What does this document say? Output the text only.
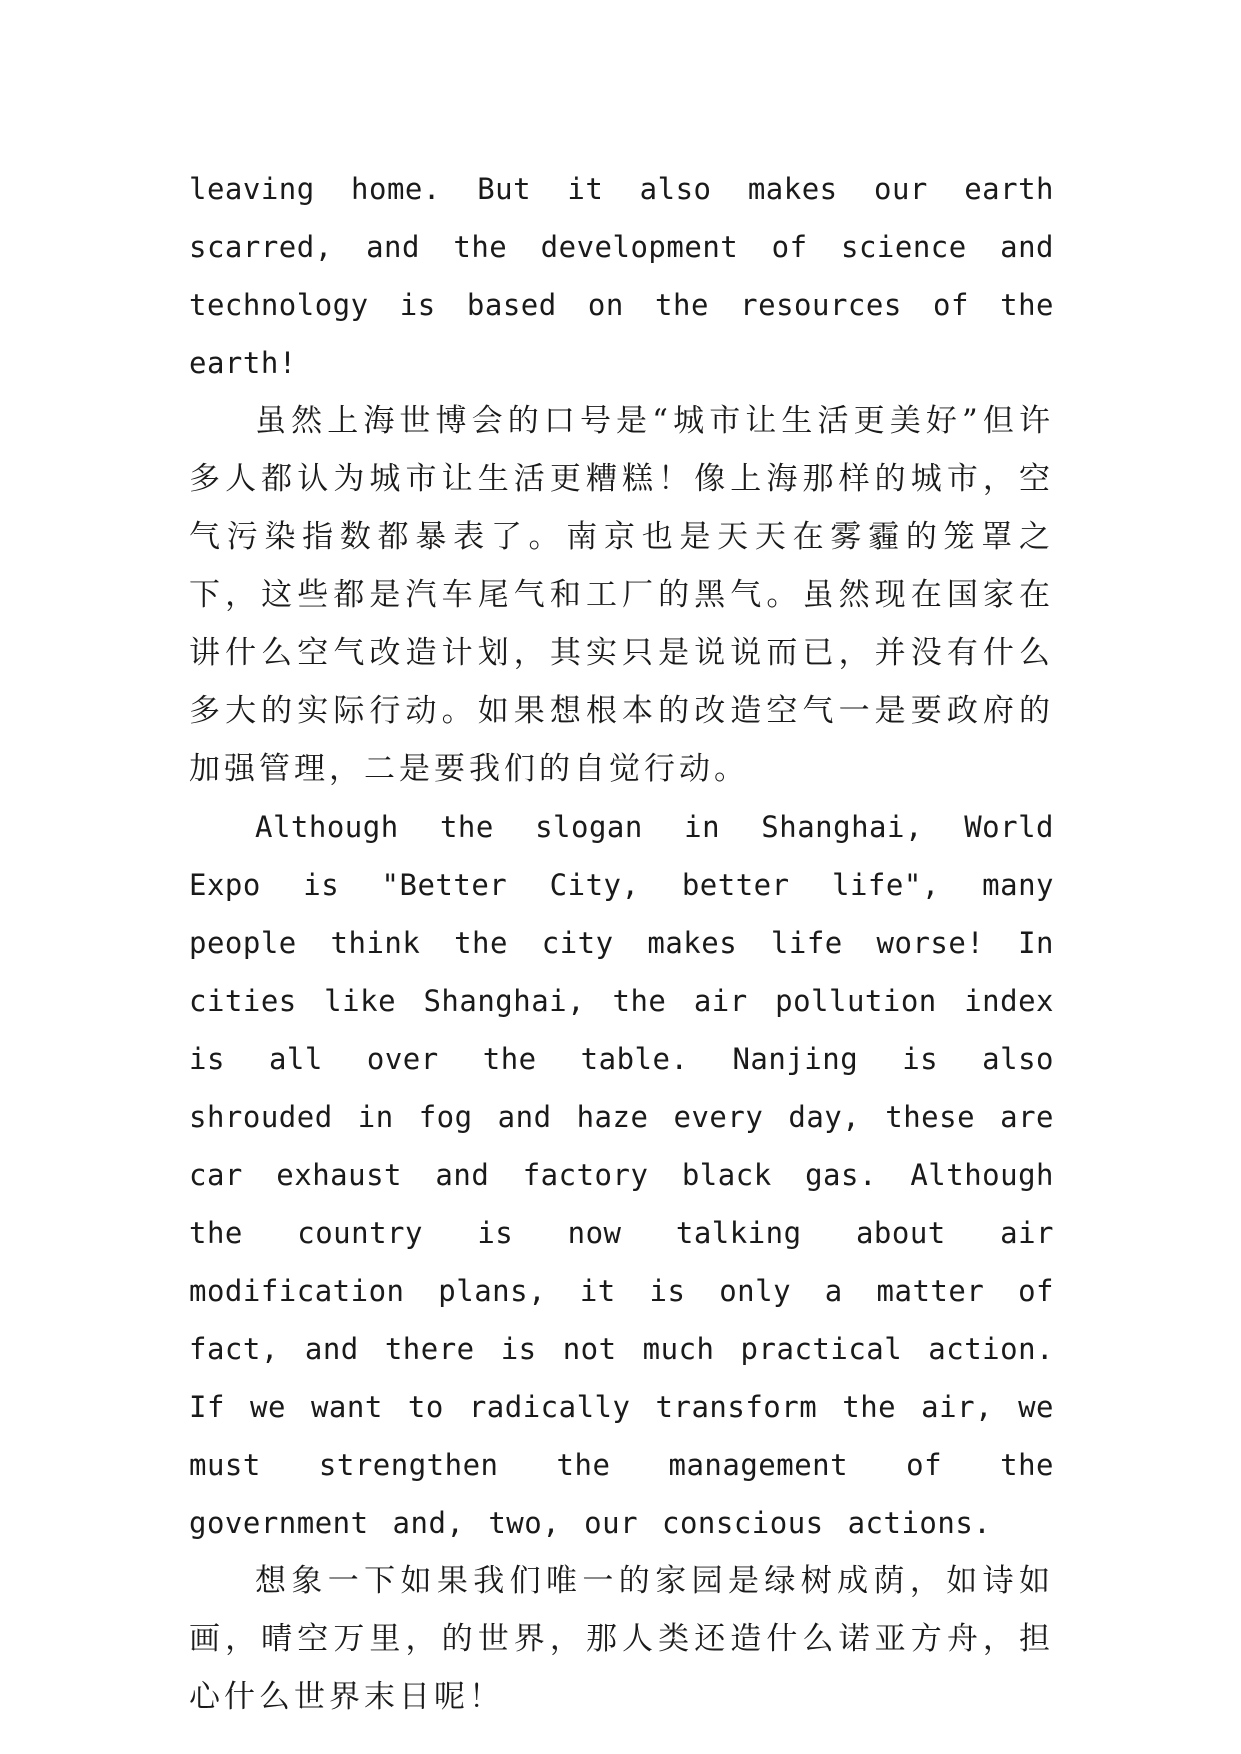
leaving home. But it also makes our earth scarred, and the development of science and technology is based on the resources of the earth!

虽然上海世博会的口号是“城市让生活更美好”但许多人都认为城市让生活更糟糕！像上海那样的城市，空气污染指数都暴表了。南京也是天天在雾霾的笼罩之下，这些都是汽车尾气和工厂的黑气。虽然现在国家在讲什么空气改造计划，其实只是说说而已，并没有什么多大的实际行动。如果想根本的改造空气一是要政府的加强管理，二是要我们的自觉行动。

Although the slogan in Shanghai, World Expo is "Better City, better life", many people think the city makes life worse! In cities like Shanghai, the air pollution index is all over the table. Nanjing is also shrouded in fog and haze every day, these are car exhaust and factory black gas. Although the country is now talking about air modification plans, it is only a matter of fact, and there is not much practical action. If we want to radically transform the air, we must strengthen the management of the government and, two, our conscious actions.

想象一下如果我们唯一的家园是绿树成荫，如诗如画，晴空万里，的世界，那人类还造什么诺亚方舟，担心什么世界末日呢！
